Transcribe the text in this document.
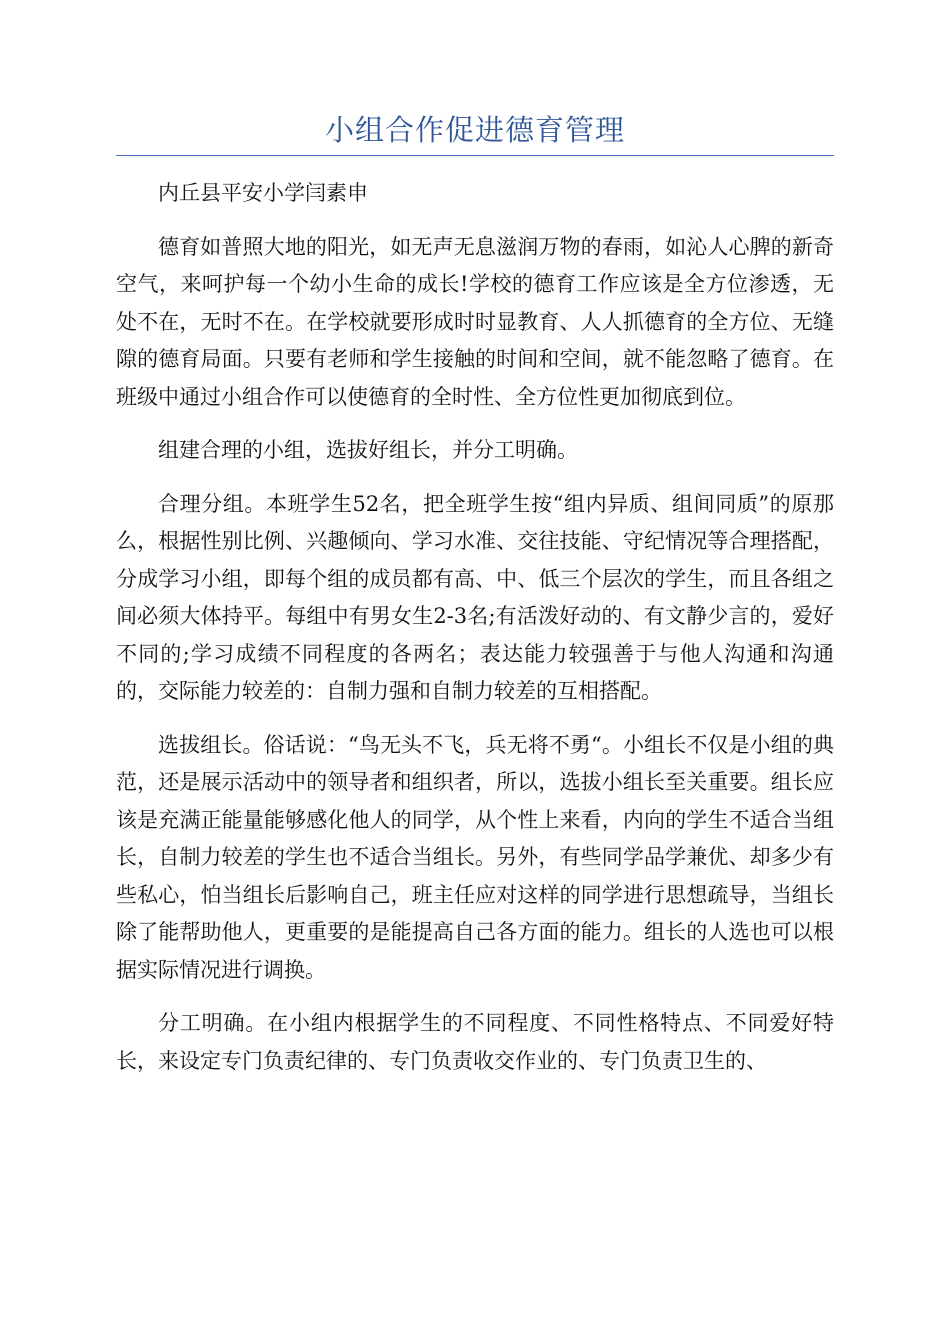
小组合作促进德育管理

内丘县平安小学闫素申

德育如普照大地的阳光，如无声无息滋润万物的春雨，如沁人心脾的新奇空气，来呵护每一个幼小生命的成长!学校的德育工作应该是全方位渗透，无处不在，无时不在。在学校就要形成时时显教育、人人抓德育的全方位、无缝隙的德育局面。只要有老师和学生接触的时间和空间，就不能忽略了德育。在班级中通过小组合作可以使德育的全时性、全方位性更加彻底到位。

组建合理的小组，选拔好组长，并分工明确。

合理分组。本班学生52名，把全班学生按“组内异质、组间同质”的原那么，根据性别比例、兴趣倾向、学习水准、交往技能、守纪情况等合理搭配，分成学习小组，即每个组的成员都有高、中、低三个层次的学生，而且各组之间必须大体持平。每组中有男女生2-3名;有活泼好动的、有文静少言的，爱好不同的;学习成绩不同程度的各两名；表达能力较强善于与他人沟通和沟通的，交际能力较差的：自制力强和自制力较差的互相搭配。

选拔组长。俗话说：“鸟无头不飞，兵无将不勇“。小组长不仅是小组的典范，还是展示活动中的领导者和组织者，所以，选拔小组长至关重要。组长应该是充满正能量能够感化他人的同学，从个性上来看，内向的学生不适合当组长，自制力较差的学生也不适合当组长。另外，有些同学品学兼优、却多少有些私心，怕当组长后影响自己，班主任应对这样的同学进行思想疏导，当组长除了能帮助他人，更重要的是能提高自己各方面的能力。组长的人选也可以根据实际情况进行调换。

分工明确。在小组内根据学生的不同程度、不同性格特点、不同爱好特长，来设定专门负责纪律的、专门负责收交作业的、专门负责卫生的、
